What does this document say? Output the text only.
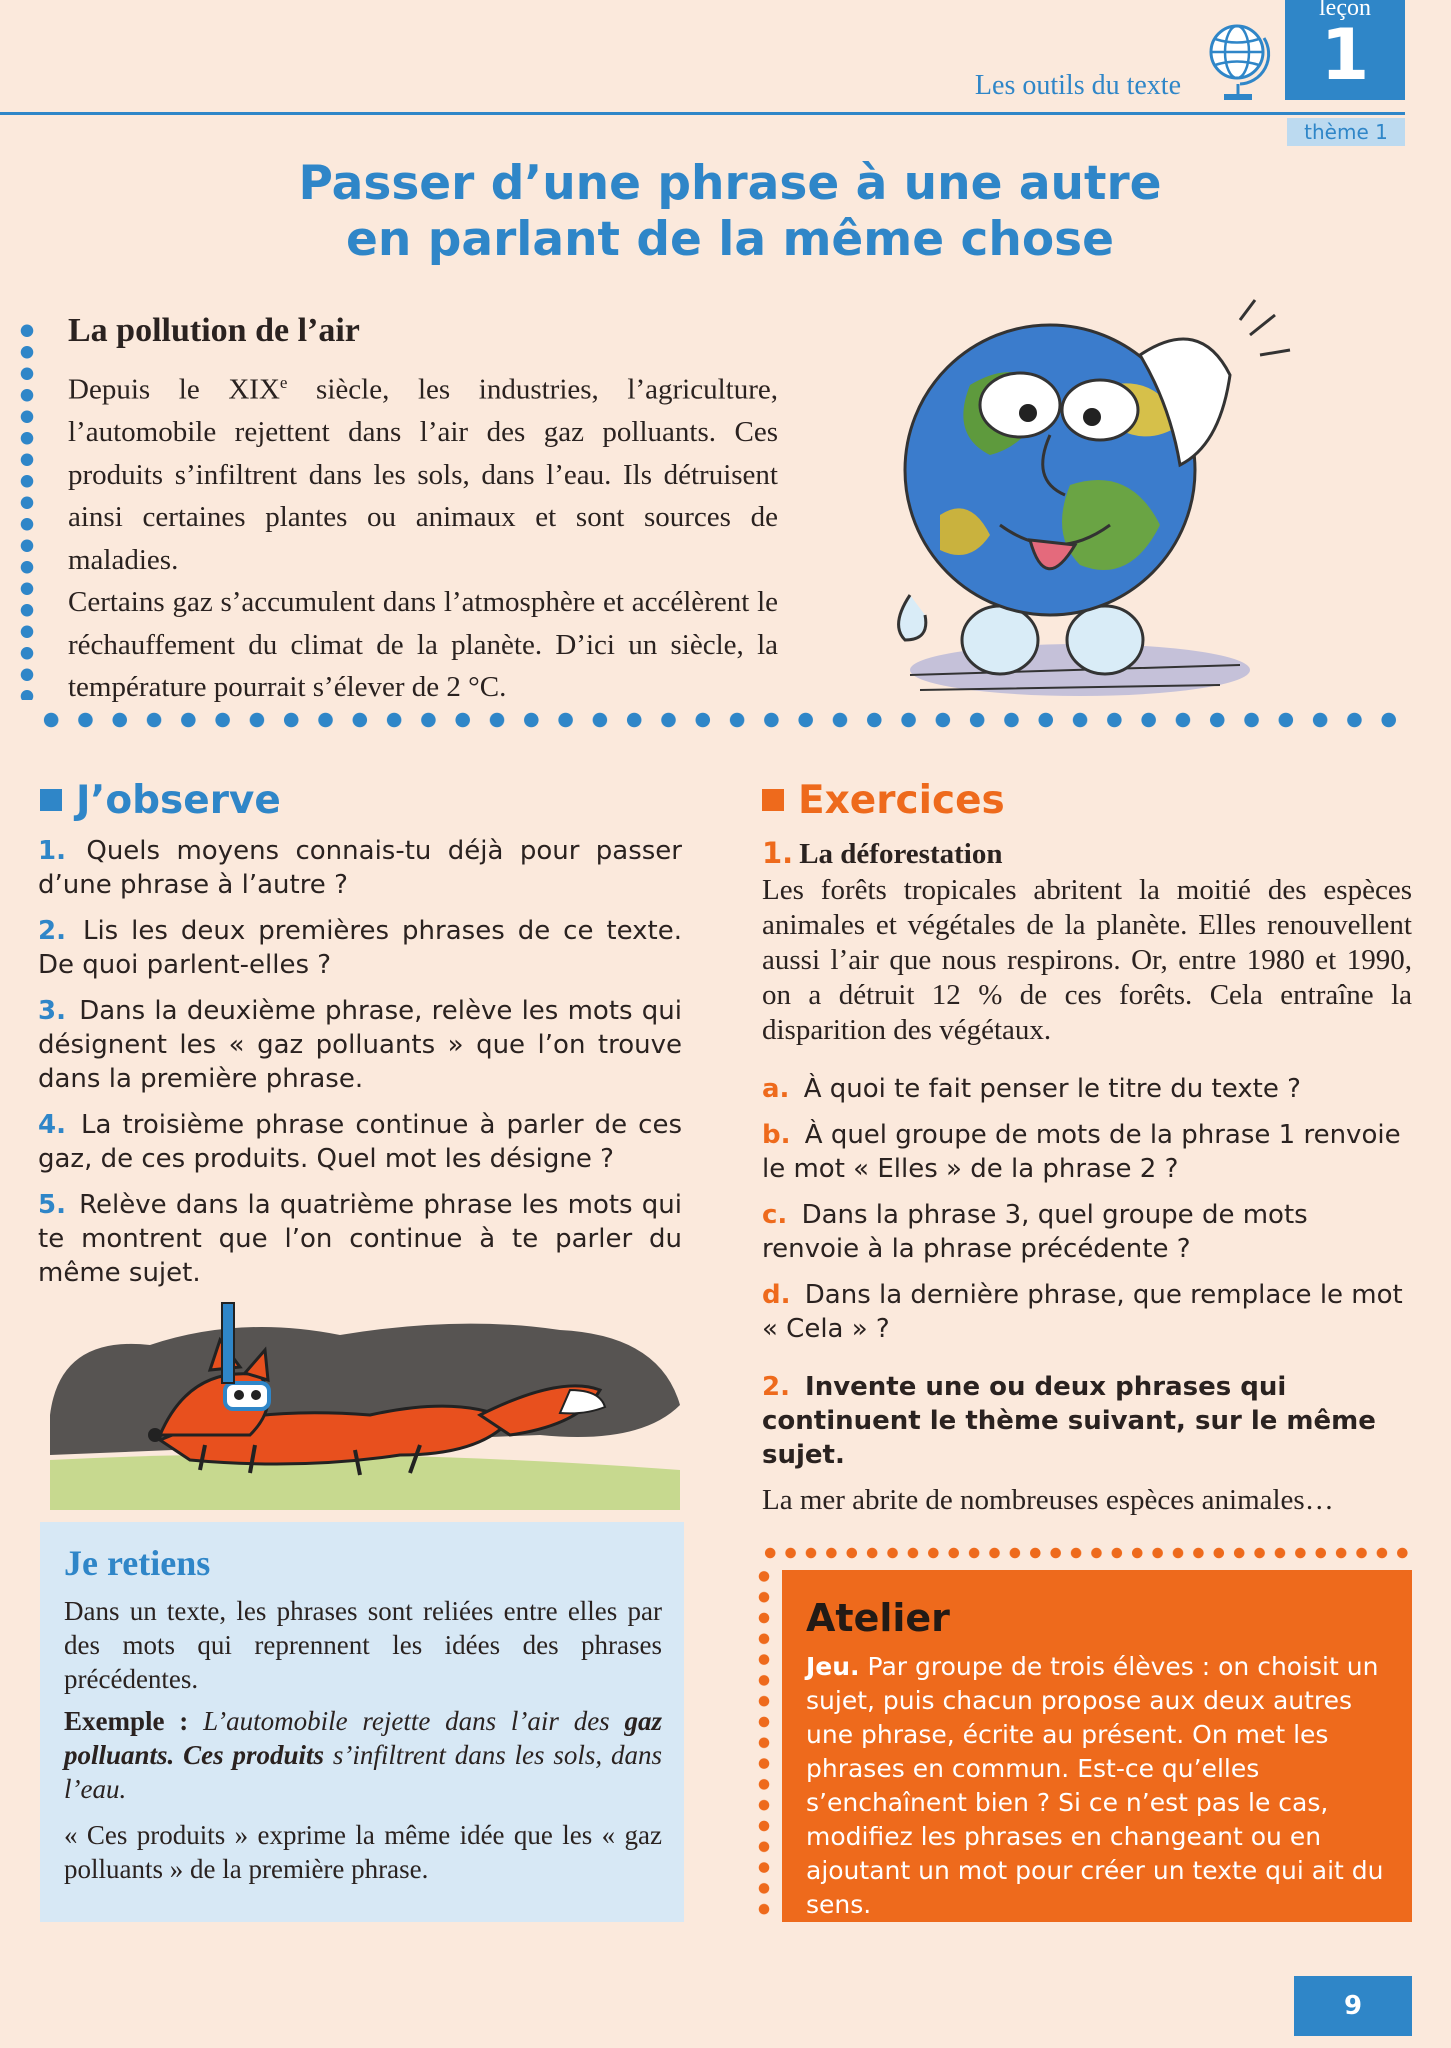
Les outils du texte
leçon
1
thème 1
Passer d’une phrase à une autre
en parlant de la même chose
La pollution de l’air

Depuis le XIXe siècle, les industries, l’agriculture, l’automobile rejettent dans l’air des gaz polluants. Ces produits s’infiltrent dans les sols, dans l’eau. Ils détruisent ainsi certaines plantes ou animaux et sont sources de maladies.

Certains gaz s’accumulent dans l’atmosphère et accélèrent le réchauffement du climat de la planète. D’ici un siècle, la température pourrait s’élever de 2 °C.

J’observe
1. Quels moyens connais-tu déjà pour passer d’une phrase à l’autre ?
2. Lis les deux premières phrases de ce texte. De quoi parlent-elles ?
3. Dans la deuxième phrase, relève les mots qui désignent les « gaz polluants » que l’on trouve dans la première phrase.
4. La troisième phrase continue à parler de ces gaz, de ces produits. Quel mot les désigne ?
5. Relève dans la quatrième phrase les mots qui te montrent que l’on continue à te parler du même sujet.
Exercices
1. La déforestation

Les forêts tropicales abritent la moitié des espèces animales et végétales de la planète. Elles renouvellent aussi l’air que nous respirons. Or, entre 1980 et 1990, on a détruit 12 % de ces forêts. Cela entraîne la disparition des végétaux.

a. À quoi te fait penser le titre du texte ?
b. À quel groupe de mots de la phrase 1 renvoie le mot « Elles » de la phrase 2 ?
c. Dans la phrase 3, quel groupe de mots renvoie à la phrase précédente ?
d. Dans la dernière phrase, que remplace le mot « Cela » ?
2. Invente une ou deux phrases qui continuent le thème suivant, sur le même sujet.
La mer abrite de nombreuses espèces animales…
Je retiens

Dans un texte, les phrases sont reliées entre elles par des mots qui reprennent les idées des phrases précédentes.

Exemple : L’automobile rejette dans l’air des gaz polluants. Ces produits s’infiltrent dans les sols, dans l’eau.

« Ces produits » exprime la même idée que les « gaz polluants » de la première phrase.

Atelier

Jeu. Par groupe de trois élèves : on choisit un sujet, puis chacun propose aux deux autres une phrase, écrite au présent. On met les phrases en commun. Est-ce qu’elles s’enchaînent bien ? Si ce n’est pas le cas, modifiez les phrases en changeant ou en ajoutant un mot pour créer un texte qui ait du sens.

9
